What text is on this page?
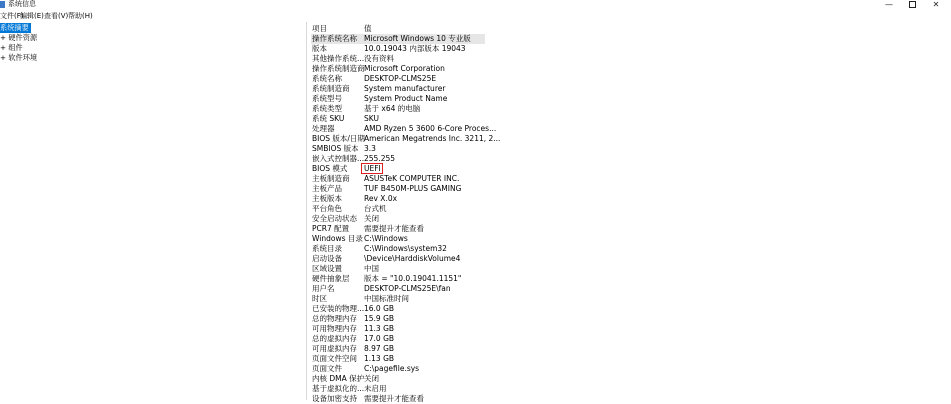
系统信息	—	✕
文件(F)
编辑(E) 查看(V) 帮助(H)
系统摘要
+ 硬件资源
+ 组件
+ 软件环境
项目	值
操作系统名称 Microsoft Windows 10 专业版
版本	10.0.19043 内部版本 19043
其他操作系统... 没有资料
操作系统制造商 Microsoft Corporation
系统名称	DESKTOP-CLMS25E
系统制造商	System manufacturer
系统型号	System Product Name
系统类型	基于 x64 的电脑
系统 SKU	SKU
处理器	AMD Ryzen 5 3600 6-Core Proces...
BIOS 版本/日期 American Megatrends Inc. 3211, 2...
SMBIOS 版本 3.3
嵌入式控制器... 255.255
BIOS 模式	UEFI
主板制造商	ASUSTeK COMPUTER INC.
主板产品	TUF B450M-PLUS GAMING
主板版本	Rev X.0x
平台角色	台式机
安全启动状态 关闭
PCR7 配置	需要提升才能查看
Windows 目录 C:\Windows
系统目录	C:\Windows\system32
启动设备	\Device\HarddiskVolume4
区域设置	中国
硬件抽象层	版本 = "10.0.19041.1151"
用户名	DESKTOP-CLMS25E\fan
时区	中国标准时间
已安装的物理... 16.0 GB
总的物理内存 15.9 GB
可用物理内存 11.3 GB
总的虚拟内存 17.0 GB
可用虚拟内存 8.97 GB
页面文件空间 1.13 GB
页面文件	C:\pagefile.sys
内核 DMA 保护 关闭
基于虚拟化的... 未启用
设备加密支持 需要提升才能查看
